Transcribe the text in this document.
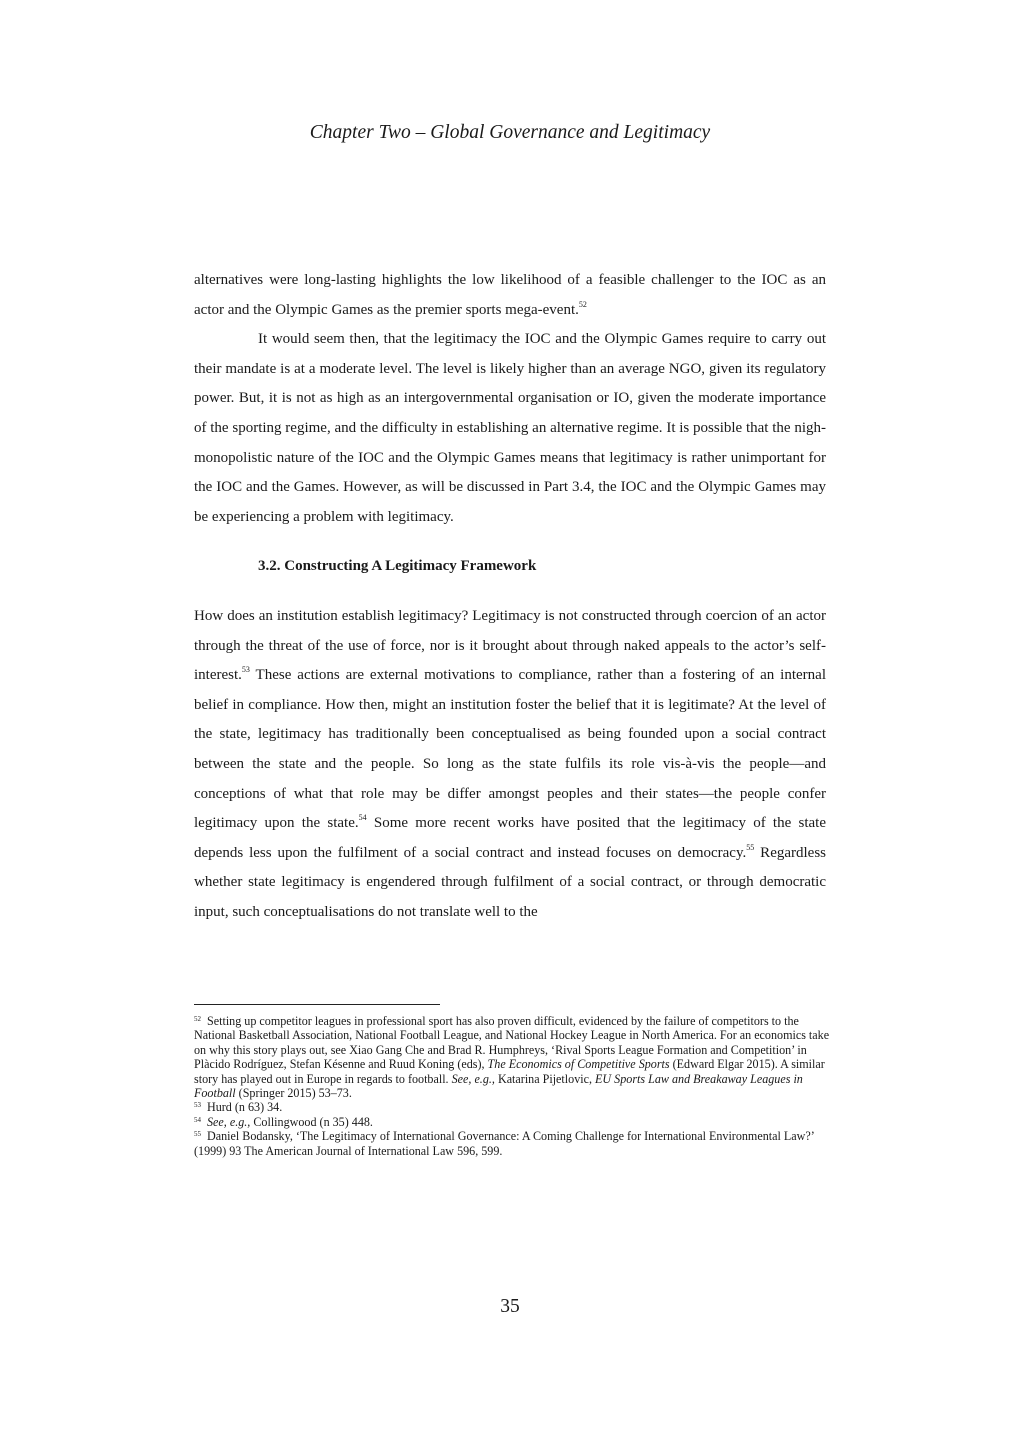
Chapter Two – Global Governance and Legitimacy

alternatives were long-lasting highlights the low likelihood of a feasible challenger to the IOC as an actor and the Olympic Games as the premier sports mega-event.$^{52}$

It would seem then, that the legitimacy the IOC and the Olympic Games require to carry out their mandate is at a moderate level. The level is likely higher than an average NGO, given its regulatory power. But, it is not as high as an intergovernmental organisation or IO, given the moderate importance of the sporting regime, and the difficulty in establishing an alternative regime. It is possible that the nigh-monopolistic nature of the IOC and the Olympic Games means that legitimacy is rather unimportant for the IOC and the Games. However, as will be discussed in Part 3.4, the IOC and the Olympic Games may be experiencing a problem with legitimacy.

3.2. Constructing A Legitimacy Framework

How does an institution establish legitimacy? Legitimacy is not constructed through coercion of an actor through the threat of the use of force, nor is it brought about through naked appeals to the actor’s self-interest.$^{53}$ These actions are external motivations to compliance, rather than a fostering of an internal belief in compliance. How then, might an institution foster the belief that it is legitimate? At the level of the state, legitimacy has traditionally been conceptualised as being founded upon a social contract between the state and the people. So long as the state fulfils its role vis-à-vis the people—and conceptions of what that role may be differ amongst peoples and their states—the people confer legitimacy upon the state.$^{54}$ Some more recent works have posited that the legitimacy of the state depends less upon the fulfilment of a social contract and instead focuses on democracy.$^{55}$ Regardless whether state legitimacy is engendered through fulfilment of a social contract, or through democratic input, such conceptualisations do not translate well to the

$^{52}$ Setting up competitor leagues in professional sport has also proven difficult, evidenced by the failure of competitors to the National Basketball Association, National Football League, and National Hockey League in North America. For an economics take on why this story plays out, see Xiao Gang Che and Brad R. Humphreys, ‘Rival Sports League Formation and Competition’ in Plàcido Rodríguez, Stefan Késenne and Ruud Koning (eds), The Economics of Competitive Sports (Edward Elgar 2015). A similar story has played out in Europe in regards to football. See, e.g., Katarina Pijetlovic, EU Sports Law and Breakaway Leagues in Football (Springer 2015) 53–73.

$^{53}$ Hurd (n 63) 34.

$^{54}$ See, e.g., Collingwood (n 35) 448.

$^{55}$ Daniel Bodansky, ‘The Legitimacy of International Governance: A Coming Challenge for International Environmental Law?’ (1999) 93 The American Journal of International Law 596, 599.

35
